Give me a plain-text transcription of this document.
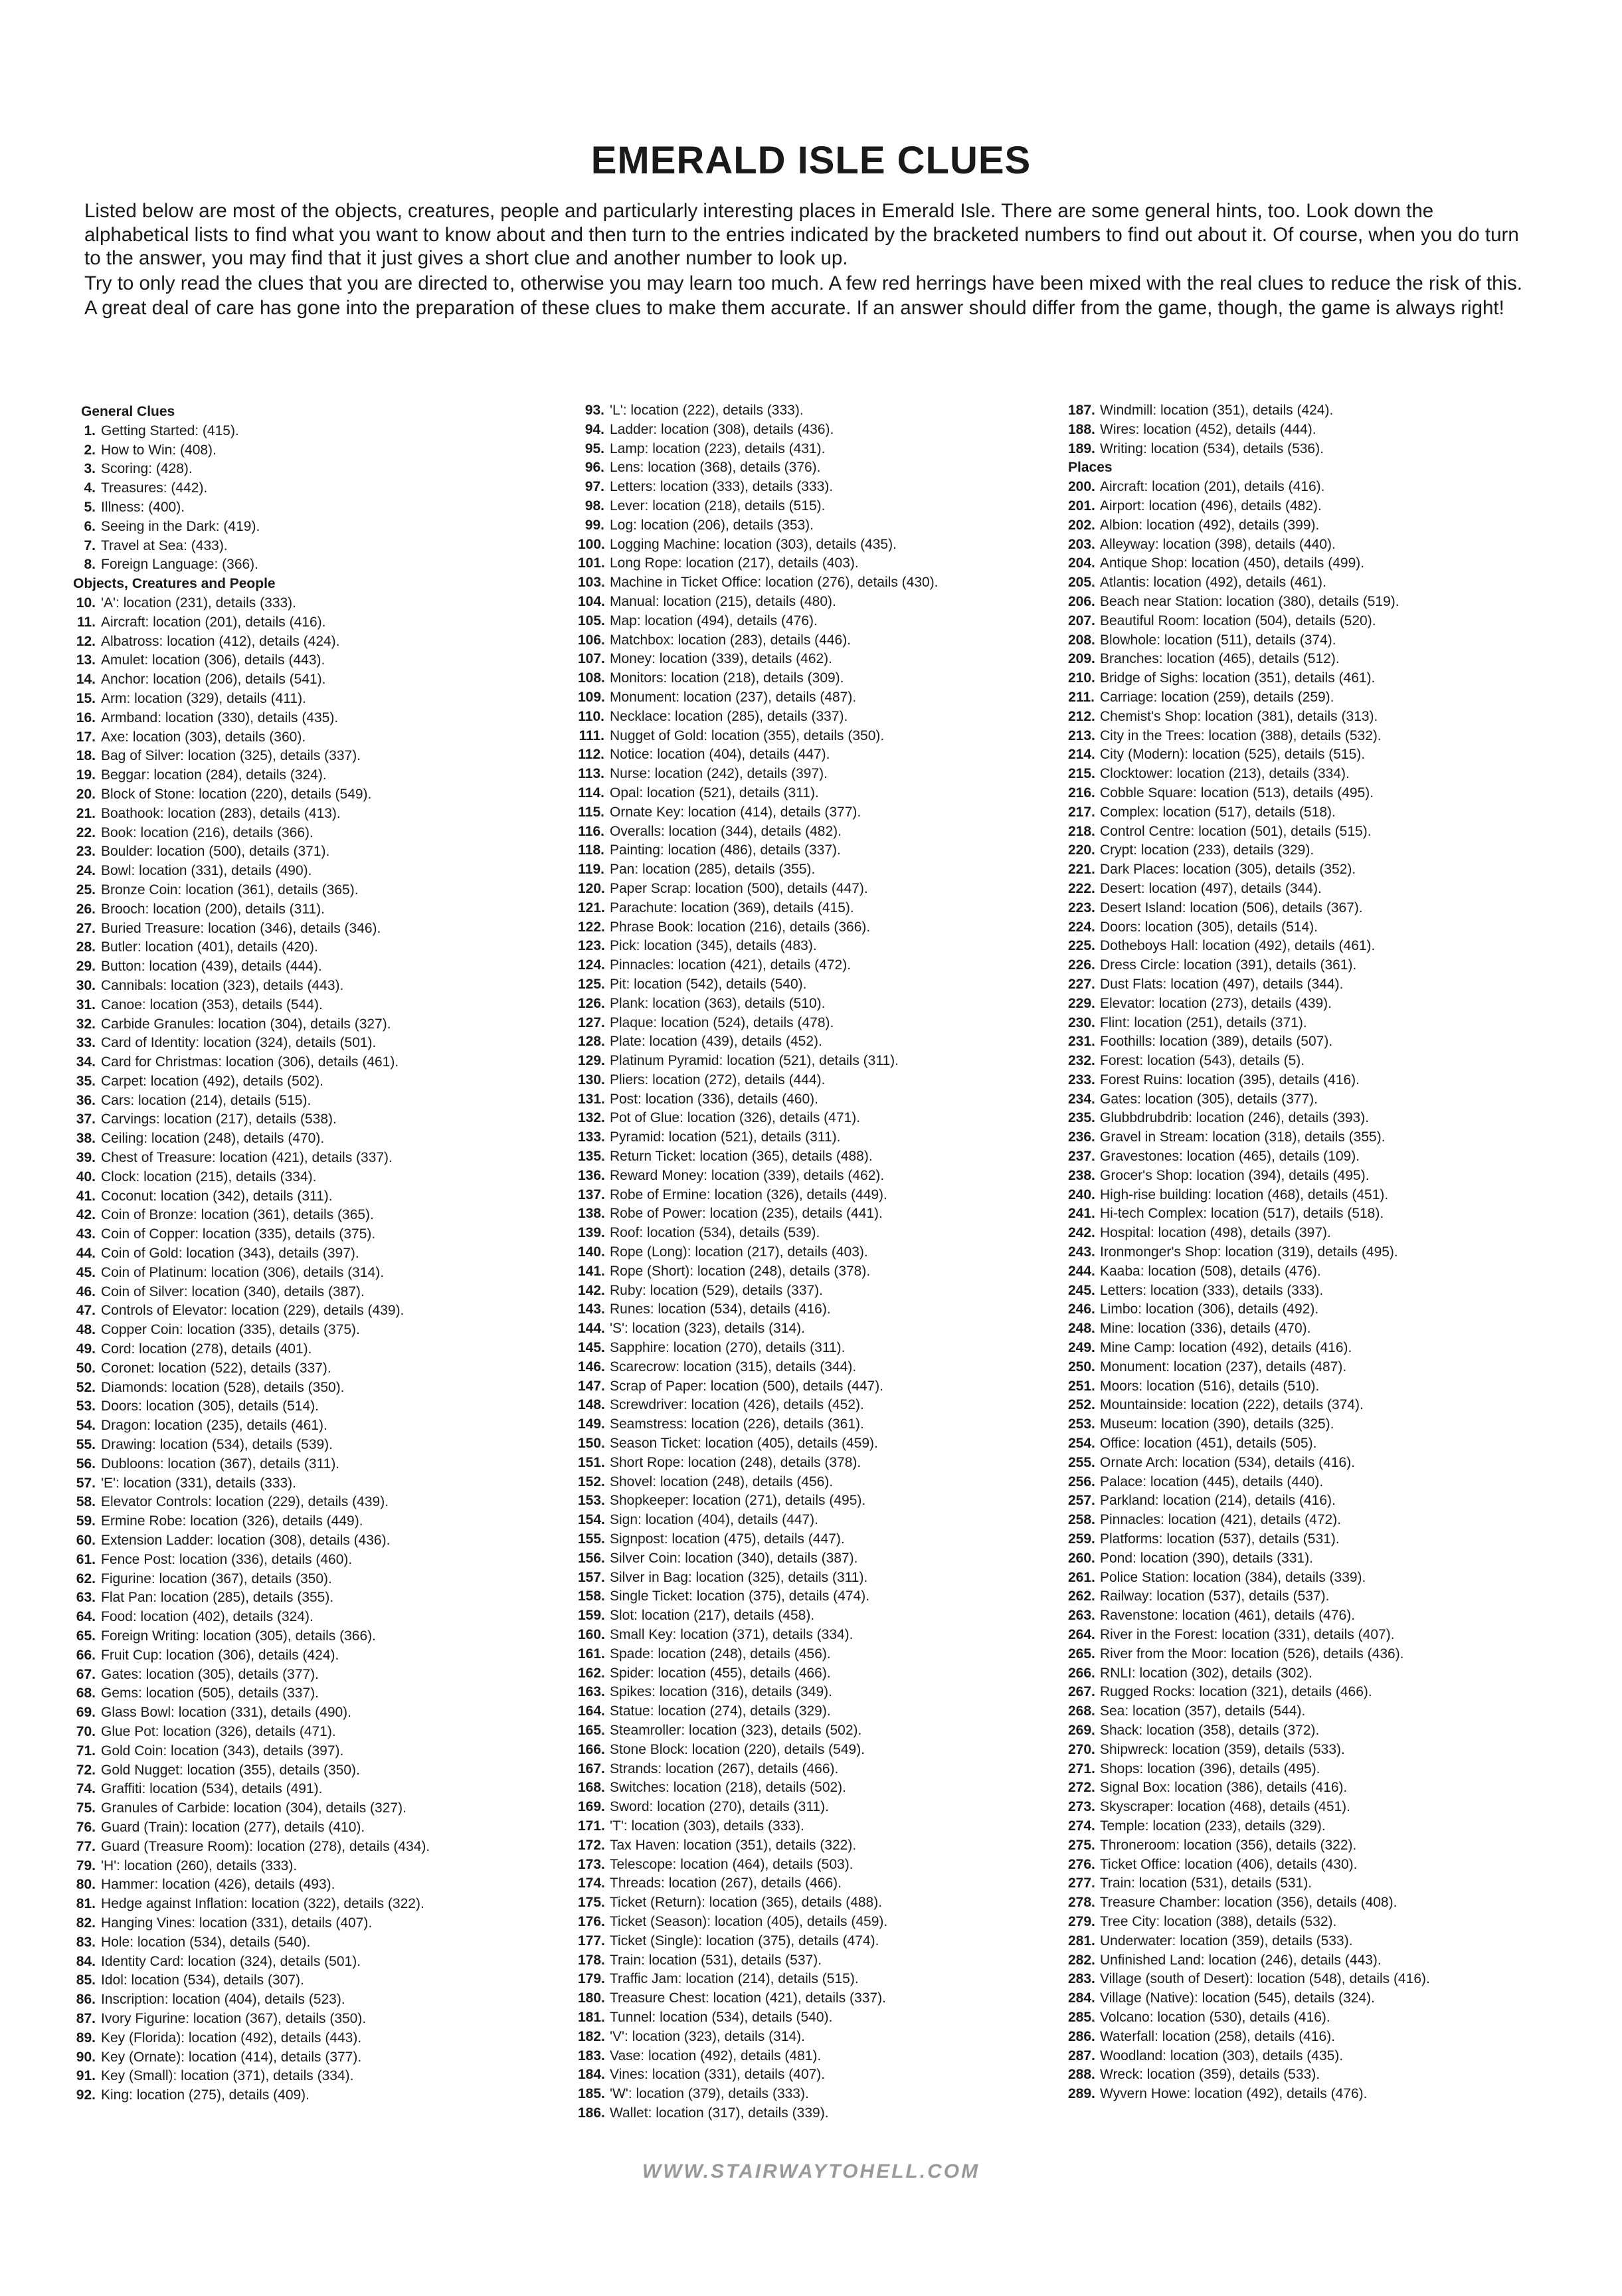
EMERALD ISLE CLUES

Listed below are most of the objects, creatures, people and particularly interesting places in Emerald Isle. There are some general hints, too. Look down the alphabetical lists to find what you want to know about and then turn to the entries indicated by the bracketed numbers to find out about it. Of course, when you do turn to the answer, you may find that it just gives a short clue and another number to look up.

Try to only read the clues that you are directed to, otherwise you may learn too much. A few red herrings have been mixed with the real clues to reduce the risk of this.

A great deal of care has gone into the preparation of these clues to make them accurate. If an answer should differ from the game, though, the game is always right!

General Clues
1. Getting Started: (415).
2. How to Win: (408).
3. Scoring: (428).
4. Treasures: (442).
5. Illness: (400).
6. Seeing in the Dark: (419).
7. Travel at Sea: (433).
8. Foreign Language: (366).
Objects, Creatures and People
10. 'A': location (231), details (333).
11. Aircraft: location (201), details (416).
12. Albatross: location (412), details (424).
13. Amulet: location (306), details (443).
14. Anchor: location (206), details (541).
15. Arm: location (329), details (411).
16. Armband: location (330), details (435).
17. Axe: location (303), details (360).
18. Bag of Silver: location (325), details (337).
19. Beggar: location (284), details (324).
20. Block of Stone: location (220), details (549).
21. Boathook: location (283), details (413).
22. Book: location (216), details (366).
23. Boulder: location (500), details (371).
24. Bowl: location (331), details (490).
25. Bronze Coin: location (361), details (365).
26. Brooch: location (200), details (311).
27. Buried Treasure: location (346), details (346).
28. Butler: location (401), details (420).
29. Button: location (439), details (444).
30. Cannibals: location (323), details (443).
31. Canoe: location (353), details (544).
32. Carbide Granules: location (304), details (327).
33. Card of Identity: location (324), details (501).
34. Card for Christmas: location (306), details (461).
35. Carpet: location (492), details (502).
36. Cars: location (214), details (515).
37. Carvings: location (217), details (538).
38. Ceiling: location (248), details (470).
39. Chest of Treasure: location (421), details (337).
40. Clock: location (215), details (334).
41. Coconut: location (342), details (311).
42. Coin of Bronze: location (361), details (365).
43. Coin of Copper: location (335), details (375).
44. Coin of Gold: location (343), details (397).
45. Coin of Platinum: location (306), details (314).
46. Coin of Silver: location (340), details (387).
47. Controls of Elevator: location (229), details (439).
48. Copper Coin: location (335), details (375).
49. Cord: location (278), details (401).
50. Coronet: location (522), details (337).
52. Diamonds: location (528), details (350).
53. Doors: location (305), details (514).
54. Dragon: location (235), details (461).
55. Drawing: location (534), details (539).
56. Dubloons: location (367), details (311).
57. 'E': location (331), details (333).
58. Elevator Controls: location (229), details (439).
59. Ermine Robe: location (326), details (449).
60. Extension Ladder: location (308), details (436).
61. Fence Post: location (336), details (460).
62. Figurine: location (367), details (350).
63. Flat Pan: location (285), details (355).
64. Food: location (402), details (324).
65. Foreign Writing: location (305), details (366).
66. Fruit Cup: location (306), details (424).
67. Gates: location (305), details (377).
68. Gems: location (505), details (337).
69. Glass Bowl: location (331), details (490).
70. Glue Pot: location (326), details (471).
71. Gold Coin: location (343), details (397).
72. Gold Nugget: location (355), details (350).
74. Graffiti: location (534), details (491).
75. Granules of Carbide: location (304), details (327).
76. Guard (Train): location (277), details (410).
77. Guard (Treasure Room): location (278), details (434).
79. 'H': location (260), details (333).
80. Hammer: location (426), details (493).
81. Hedge against Inflation: location (322), details (322).
82. Hanging Vines: location (331), details (407).
83. Hole: location (534), details (540).
84. Identity Card: location (324), details (501).
85. Idol: location (534), details (307).
86. Inscription: location (404), details (523).
87. Ivory Figurine: location (367), details (350).
89. Key (Florida): location (492), details (443).
90. Key (Ornate): location (414), details (377).
91. Key (Small): location (371), details (334).
92. King: location (275), details (409).
93. 'L': location (222), details (333).
94. Ladder: location (308), details (436).
95. Lamp: location (223), details (431).
96. Lens: location (368), details (376).
97. Letters: location (333), details (333).
98. Lever: location (218), details (515).
99. Log: location (206), details (353).
100. Logging Machine: location (303), details (435).
101. Long Rope: location (217), details (403).
103. Machine in Ticket Office: location (276), details (430).
104. Manual: location (215), details (480).
105. Map: location (494), details (476).
106. Matchbox: location (283), details (446).
107. Money: location (339), details (462).
108. Monitors: location (218), details (309).
109. Monument: location (237), details (487).
110. Necklace: location (285), details (337).
111. Nugget of Gold: location (355), details (350).
112. Notice: location (404), details (447).
113. Nurse: location (242), details (397).
114. Opal: location (521), details (311).
115. Ornate Key: location (414), details (377).
116. Overalls: location (344), details (482).
118. Painting: location (486), details (337).
119. Pan: location (285), details (355).
120. Paper Scrap: location (500), details (447).
121. Parachute: location (369), details (415).
122. Phrase Book: location (216), details (366).
123. Pick: location (345), details (483).
124. Pinnacles: location (421), details (472).
125. Pit: location (542), details (540).
126. Plank: location (363), details (510).
127. Plaque: location (524), details (478).
128. Plate: location (439), details (452).
129. Platinum Pyramid: location (521), details (311).
130. Pliers: location (272), details (444).
131. Post: location (336), details (460).
132. Pot of Glue: location (326), details (471).
133. Pyramid: location (521), details (311).
135. Return Ticket: location (365), details (488).
136. Reward Money: location (339), details (462).
137. Robe of Ermine: location (326), details (449).
138. Robe of Power: location (235), details (441).
139. Roof: location (534), details (539).
140. Rope (Long): location (217), details (403).
141. Rope (Short): location (248), details (378).
142. Ruby: location (529), details (337).
143. Runes: location (534), details (416).
144. 'S': location (323), details (314).
145. Sapphire: location (270), details (311).
146. Scarecrow: location (315), details (344).
147. Scrap of Paper: location (500), details (447).
148. Screwdriver: location (426), details (452).
149. Seamstress: location (226), details (361).
150. Season Ticket: location (405), details (459).
151. Short Rope: location (248), details (378).
152. Shovel: location (248), details (456).
153. Shopkeeper: location (271), details (495).
154. Sign: location (404), details (447).
155. Signpost: location (475), details (447).
156. Silver Coin: location (340), details (387).
157. Silver in Bag: location (325), details (311).
158. Single Ticket: location (375), details (474).
159. Slot: location (217), details (458).
160. Small Key: location (371), details (334).
161. Spade: location (248), details (456).
162. Spider: location (455), details (466).
163. Spikes: location (316), details (349).
164. Statue: location (274), details (329).
165. Steamroller: location (323), details (502).
166. Stone Block: location (220), details (549).
167. Strands: location (267), details (466).
168. Switches: location (218), details (502).
169. Sword: location (270), details (311).
171. 'T': location (303), details (333).
172. Tax Haven: location (351), details (322).
173. Telescope: location (464), details (503).
174. Threads: location (267), details (466).
175. Ticket (Return): location (365), details (488).
176. Ticket (Season): location (405), details (459).
177. Ticket (Single): location (375), details (474).
178. Train: location (531), details (537).
179. Traffic Jam: location (214), details (515).
180. Treasure Chest: location (421), details (337).
181. Tunnel: location (534), details (540).
182. 'V': location (323), details (314).
183. Vase: location (492), details (481).
184. Vines: location (331), details (407).
185. 'W': location (379), details (333).
186. Wallet: location (317), details (339).
187. Windmill: location (351), details (424).
188. Wires: location (452), details (444).
189. Writing: location (534), details (536).
Places
200. Aircraft: location (201), details (416).
201. Airport: location (496), details (482).
202. Albion: location (492), details (399).
203. Alleyway: location (398), details (440).
204. Antique Shop: location (450), details (499).
205. Atlantis: location (492), details (461).
206. Beach near Station: location (380), details (519).
207. Beautiful Room: location (504), details (520).
208. Blowhole: location (511), details (374).
209. Branches: location (465), details (512).
210. Bridge of Sighs: location (351), details (461).
211. Carriage: location (259), details (259).
212. Chemist's Shop: location (381), details (313).
213. City in the Trees: location (388), details (532).
214. City (Modern): location (525), details (515).
215. Clocktower: location (213), details (334).
216. Cobble Square: location (513), details (495).
217. Complex: location (517), details (518).
218. Control Centre: location (501), details (515).
220. Crypt: location (233), details (329).
221. Dark Places: location (305), details (352).
222. Desert: location (497), details (344).
223. Desert Island: location (506), details (367).
224. Doors: location (305), details (514).
225. Dotheboys Hall: location (492), details (461).
226. Dress Circle: location (391), details (361).
227. Dust Flats: location (497), details (344).
229. Elevator: location (273), details (439).
230. Flint: location (251), details (371).
231. Foothills: location (389), details (507).
232. Forest: location (543), details (5).
233. Forest Ruins: location (395), details (416).
234. Gates: location (305), details (377).
235. Glubbdrubdrib: location (246), details (393).
236. Gravel in Stream: location (318), details (355).
237. Gravestones: location (465), details (109).
238. Grocer's Shop: location (394), details (495).
240. High-rise building: location (468), details (451).
241. Hi-tech Complex: location (517), details (518).
242. Hospital: location (498), details (397).
243. Ironmonger's Shop: location (319), details (495).
244. Kaaba: location (508), details (476).
245. Letters: location (333), details (333).
246. Limbo: location (306), details (492).
248. Mine: location (336), details (470).
249. Mine Camp: location (492), details (416).
250. Monument: location (237), details (487).
251. Moors: location (516), details (510).
252. Mountainside: location (222), details (374).
253. Museum: location (390), details (325).
254. Office: location (451), details (505).
255. Ornate Arch: location (534), details (416).
256. Palace: location (445), details (440).
257. Parkland: location (214), details (416).
258. Pinnacles: location (421), details (472).
259. Platforms: location (537), details (531).
260. Pond: location (390), details (331).
261. Police Station: location (384), details (339).
262. Railway: location (537), details (537).
263. Ravenstone: location (461), details (476).
264. River in the Forest: location (331), details (407).
265. River from the Moor: location (526), details (436).
266. RNLI: location (302), details (302).
267. Rugged Rocks: location (321), details (466).
268. Sea: location (357), details (544).
269. Shack: location (358), details (372).
270. Shipwreck: location (359), details (533).
271. Shops: location (396), details (495).
272. Signal Box: location (386), details (416).
273. Skyscraper: location (468), details (451).
274. Temple: location (233), details (329).
275. Throneroom: location (356), details (322).
276. Ticket Office: location (406), details (430).
277. Train: location (531), details (531).
278. Treasure Chamber: location (356), details (408).
279. Tree City: location (388), details (532).
281. Underwater: location (359), details (533).
282. Unfinished Land: location (246), details (443).
283. Village (south of Desert): location (548), details (416).
284. Village (Native): location (545), details (324).
285. Volcano: location (530), details (416).
286. Waterfall: location (258), details (416).
287. Woodland: location (303), details (435).
288. Wreck: location (359), details (533).
289. Wyvern Howe: location (492), details (476).
WWW.STAIRWAYTOHELL.COM
